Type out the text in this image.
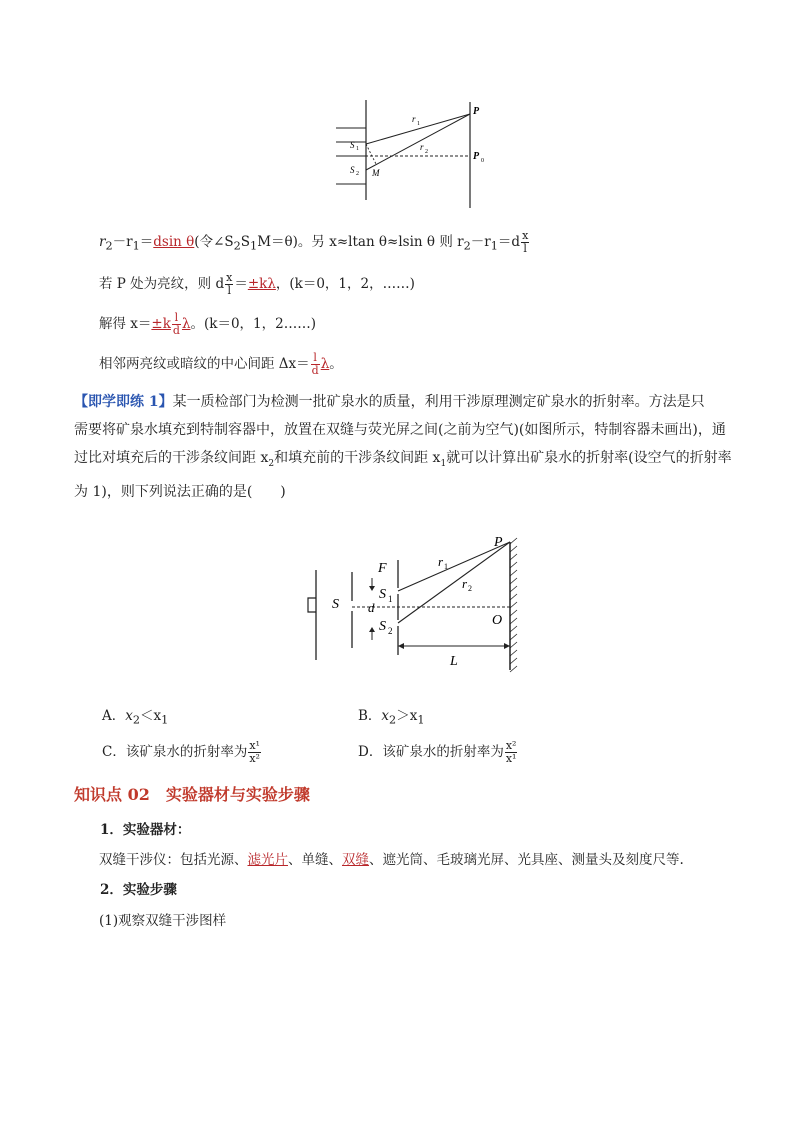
r 1
r 2
P
P 0
S 1
S 2 M
$r_2-r_1=dsin$ θ(令$\angle S_2S_1M=\theta$)。另 x≈ltan θ≈lsin θ 则 $r_2-r_1=d \frac{x}{l}$
若 P 处为亮纹，则 d $\frac{x}{l} =\pm k\lambda$，(k＝0，1，2，……)
解得 $x=\pm k \frac{l}{d}$ λ。(k＝0，1，2……)
相邻两亮纹或暗纹的中心间距 $\Delta x= \frac{l}{d}$ λ。
【即学即练 1】某一质检部门为检测一批矿泉水的质量，利用干涉原理测定矿泉水的折射率。方法是只
需要将矿泉水填充到特制容器中，放置在双缝与荧光屏之间(之前为空气)(如图所示，特制容器未画出)，通
过比对填充后的干涉条纹间距 $x_2$和填充前的干涉条纹间距 $x_1$就可以计算出矿泉水的折射率(设空气的折射率
为 1)，则下列说法正确的是(　　)
S
F
S 1
S 2
d
P
r 1
r 2
O
L
A．$x_2<x_1$	B．$x_2>x_1$
C．该矿泉水的折射率为 $\frac{\text{x¹}}{\text{x²}}$	D．该矿泉水的折射率为 $\frac{\text{x²}}{\text{x¹}}$
知识点 02　实验器材与实验步骤
1．实验器材：
双缝干涉仪：包括光源、滤光片、单缝、双缝、遮光筒、毛玻璃光屏、光具座、测量头及刻度尺等.
2．实验步骤
(1)观察双缝干涉图样
